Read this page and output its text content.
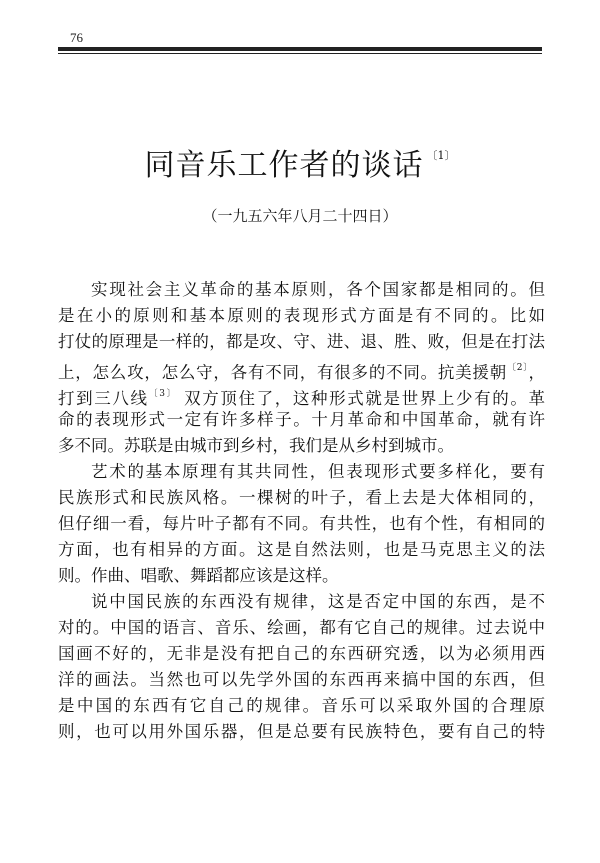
76
同音乐工作者的谈话 $^{〔1〕}$
（一九五六年八月二十四日）
实现社会主义革命的基本原则，各个国家都是相同的。但
是在小的原则和基本原则的表现形式方面是有不同的。比如
打仗的原理是一样的，都是攻、守、进、退、胜、败，但是在打法
上，怎么攻，怎么守，各有不同，有很多的不同。抗美援朝$^{〔2〕}$，
打到三八线$^{〔3〕}$ 双方顶住了，这种形式就是世界上少有的。革
命的表现形式一定有许多样子。十月革命和中国革命，就有许
多不同。苏联是由城市到乡村，我们是从乡村到城市。
艺术的基本原理有其共同性，但表现形式要多样化，要有
民族形式和民族风格。一棵树的叶子，看上去是大体相同的，
但仔细一看，每片叶子都有不同。有共性，也有个性，有相同的
方面，也有相异的方面。这是自然法则，也是马克思主义的法
则。作曲、唱歌、舞蹈都应该是这样。
说中国民族的东西没有规律，这是否定中国的东西，是不
对的。中国的语言、音乐、绘画，都有它自己的规律。过去说中
国画不好的，无非是没有把自己的东西研究透，以为必须用西
洋的画法。当然也可以先学外国的东西再来搞中国的东西，但
是中国的东西有它自己的规律。音乐可以采取外国的合理原
则，也可以用外国乐器，但是总要有民族特色，要有自己的特
